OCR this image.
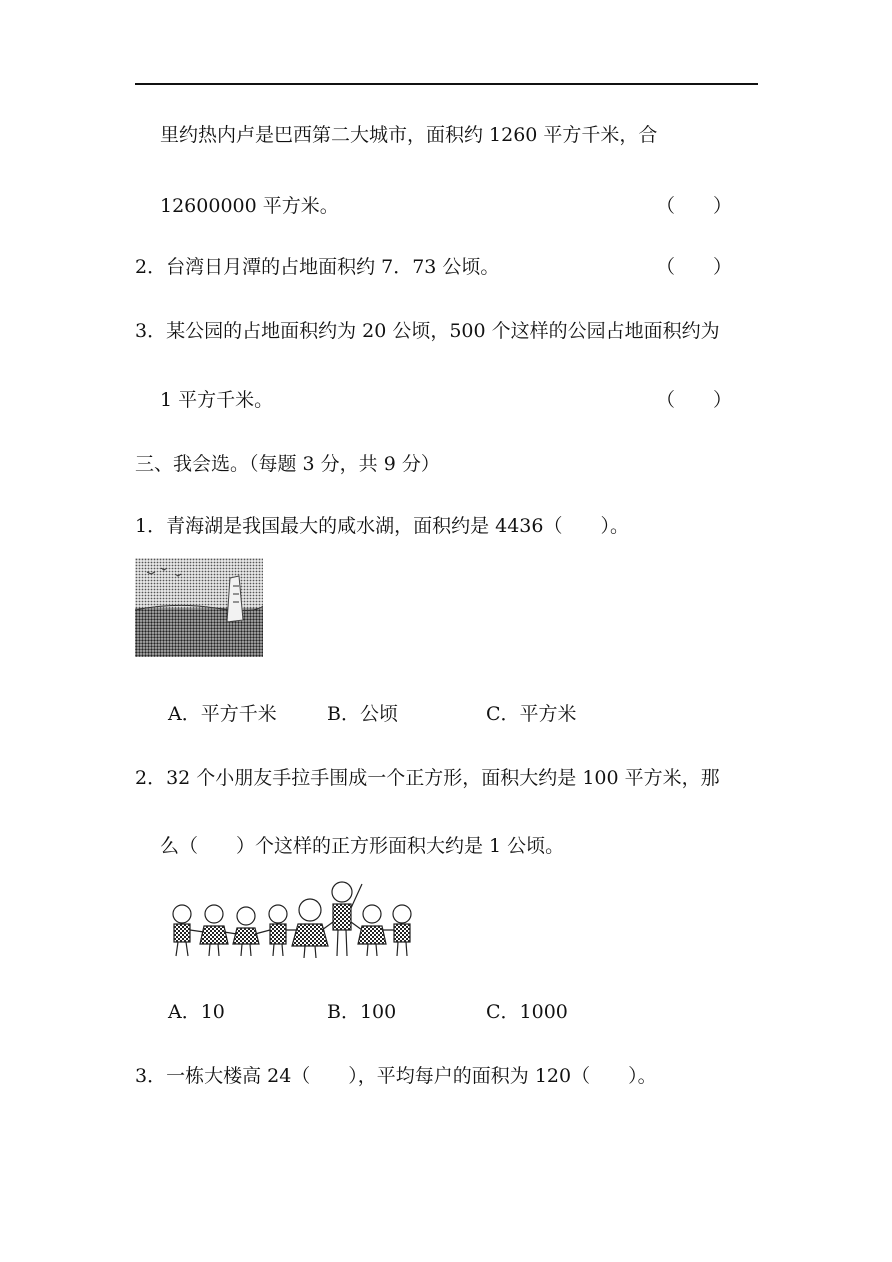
里约热内卢是巴西第二大城市，面积约 1260 平方千米，合
12600000 平方米。	（　　）
2．台湾日月潭的占地面积约 7．73 公顷。	（　　）
3．某公园的占地面积约为 20 公顷，500 个这样的公园占地面积约为
1 平方千米。	（　　）
三、我会选。（每题 3 分，共 9 分）
1．青海湖是我国最大的咸水湖，面积约是 4436（　　）。
A．平方千米	B．公顷	C．平方米
2．32 个小朋友手拉手围成一个正方形，面积大约是 100 平方米，那
么（　　）个这样的正方形面积大约是 1 公顷。
A．10	B．100	C．1000
3．一栋大楼高 24（　　），平均每户的面积为 120（　　）。
